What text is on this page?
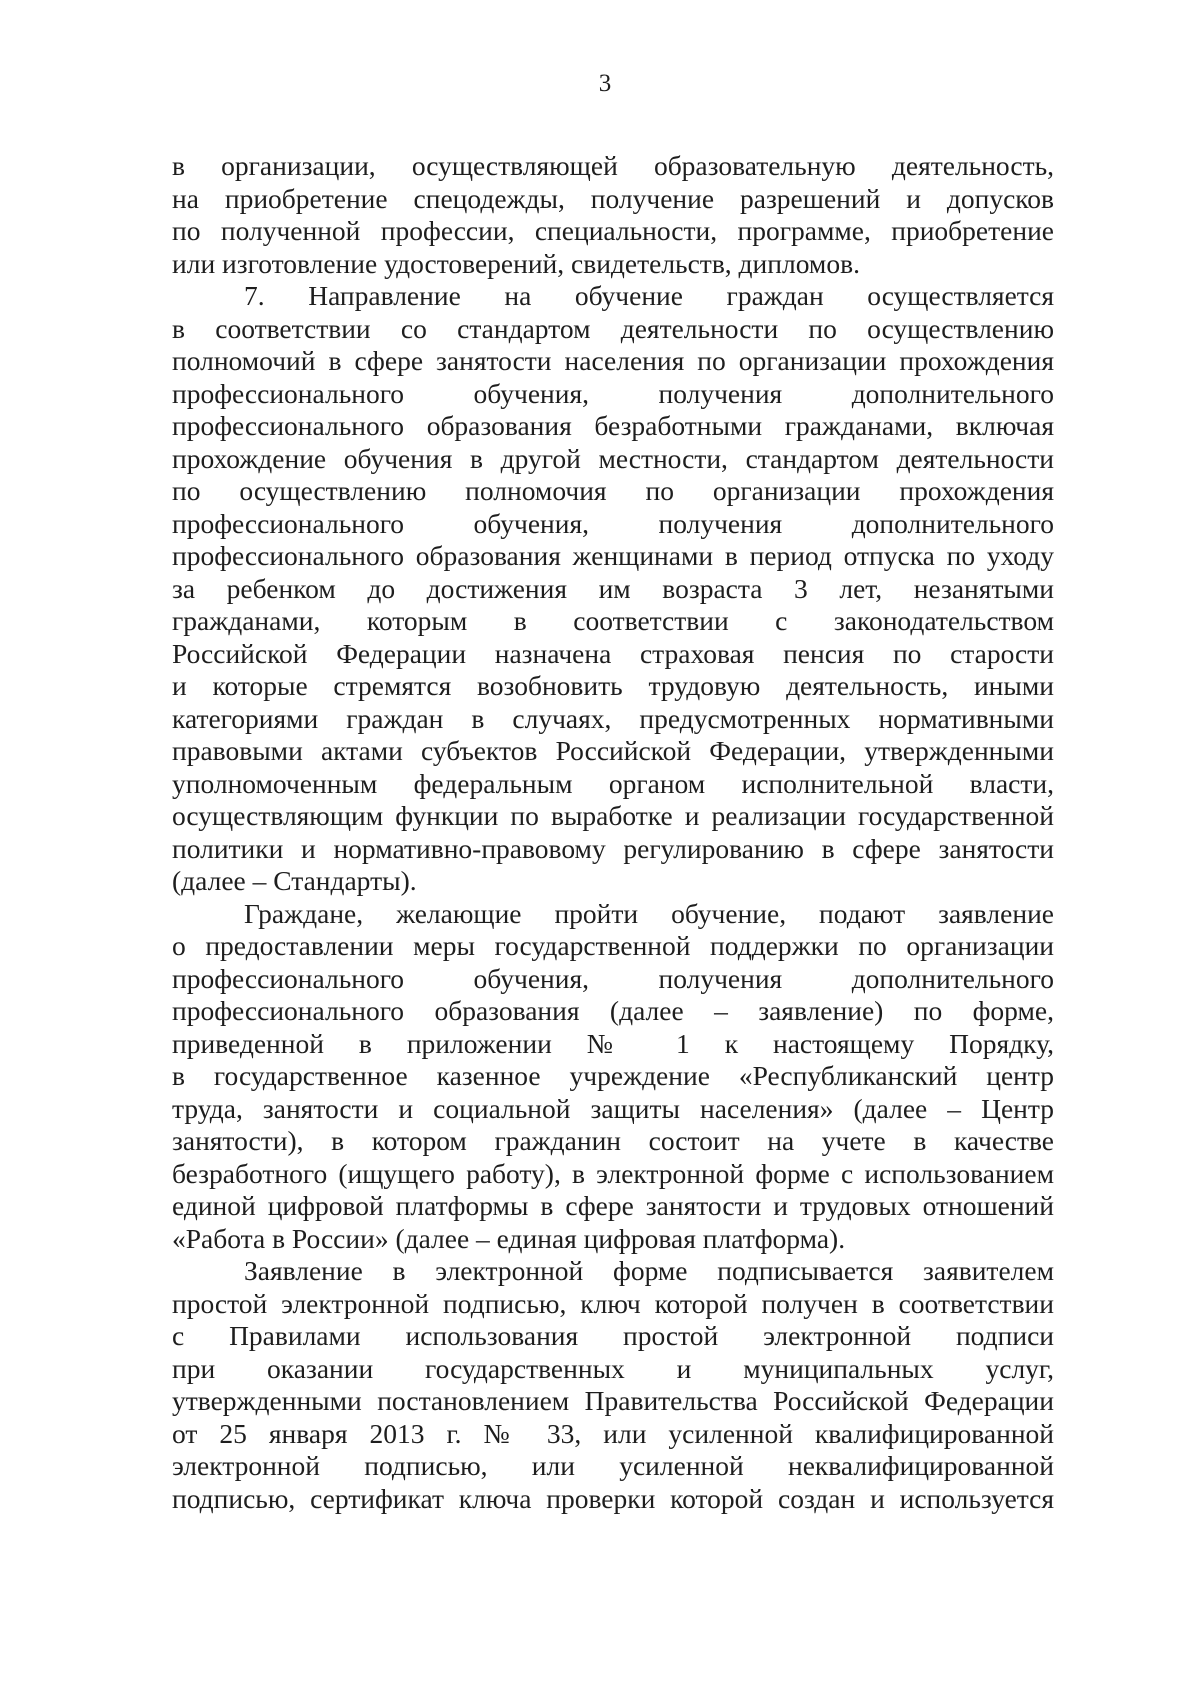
3
в организации, осуществляющей образовательную деятельность,
на приобретение спецодежды, получение разрешений и допусков
по полученной профессии, специальности, программе, приобретение
или изготовление удостоверений, свидетельств, дипломов.
7. Направление на обучение граждан осуществляется
в соответствии со стандартом деятельности по осуществлению
полномочий в сфере занятости населения по организации прохождения
профессионального обучения, получения дополнительного
профессионального образования безработными гражданами, включая
прохождение обучения в другой местности, стандартом деятельности
по осуществлению полномочия по организации прохождения
профессионального обучения, получения дополнительного
профессионального образования женщинами в период отпуска по уходу
за ребенком до достижения им возраста 3 лет, незанятыми
гражданами, которым в соответствии с законодательством
Российской Федерации назначена страховая пенсия по старости
и которые стремятся возобновить трудовую деятельность, иными
категориями граждан в случаях, предусмотренных нормативными
правовыми актами субъектов Российской Федерации, утвержденными
уполномоченным федеральным органом исполнительной власти,
осуществляющим функции по выработке и реализации государственной
политики и нормативно-правовому регулированию в сфере занятости
(далее – Стандарты).
Граждане, желающие пройти обучение, подают заявление
о предоставлении меры государственной поддержки по организации
профессионального обучения, получения дополнительного
профессионального образования (далее – заявление) по форме,
приведенной в приложении № 1 к настоящему Порядку,
в государственное казенное учреждение «Республиканский центр
труда, занятости и социальной защиты населения» (далее – Центр
занятости), в котором гражданин состоит на учете в качестве
безработного (ищущего работу), в электронной форме с использованием
единой цифровой платформы в сфере занятости и трудовых отношений
«Работа в России» (далее – единая цифровая платформа).
Заявление в электронной форме подписывается заявителем
простой электронной подписью, ключ которой получен в соответствии
с Правилами использования простой электронной подписи
при оказании государственных и муниципальных услуг,
утвержденными постановлением Правительства Российской Федерации
от 25 января 2013 г. № 33, или усиленной квалифицированной
электронной подписью, или усиленной неквалифицированной
подписью, сертификат ключа проверки которой создан и используется
